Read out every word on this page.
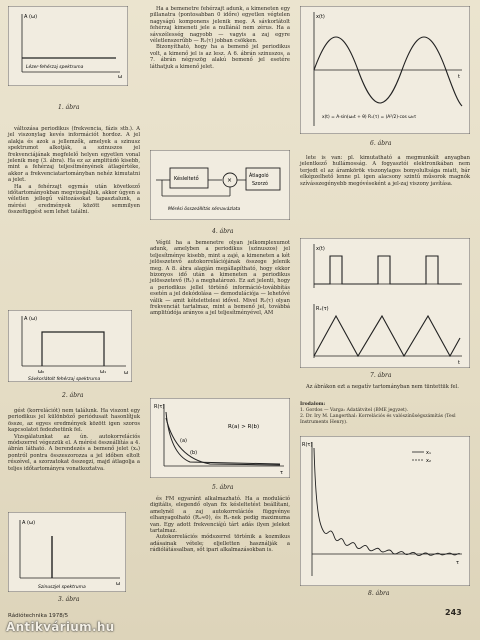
A (ω)
ω
Lézer-fehérzaj spektruma
1. ábra

változása periodikus (frekvencia, fázis stb.). A jel viszonylag kevés információt hordoz. A jel alakja és azok a jellemzők, amelyek a szinusz spektrumot alkotják, a szinuszos jel frekvenciájának megfelelő helyen egyetlen vonal jelenik meg (3. ábra). Ha ez az amplitúdó kisebb, mint a fehérzaj teljesítményének átlagértéke, akkor a frekvenciatartományban nehéz kimutatni a jelet.

Ha a fehérzajt egymás után következő időtartományokban megvizsgáljuk, akkor úgyen a véletlen jellegű változásokat tapasztalunk, a mérési eredmények között semmilyen összefüggést sem lehet találni.

A (ω)
ω
ω₀	ω₁
Sávkorlátolt fehérzaj spektruma
2. ábra

gést (korrelációt) nem találunk. Ha viszont egy periodikus jel különböző periódusait hasonlítjuk össze, az egyes eredmények között igen szoros kapcsolatot fedezhetünk fel.

Vizsgálatunkat az ún. autokorrelációs módszerrel végezzük el. A mérési összeállítás a 4. ábrán látható. A berendezés a bemenő jelet (xₐ) pontról pontra összeszorozza a jel időben eltolt részével, a szorzatokat összegzi, majd átlagolja a teljes időtartományra vonatkoztatva.

A (ω)
ω
Szinuszjel spektruma
3. ábra

Ha a bemenetre fehérzajt adunk, a kimeneten egy pillanatra (pontosabban 0 időre) egyetlen végtelen nagyságú komponens jelenik meg. A sávkorlátolt fehérzaj kimeneti jele a nullánál nem zérus. Ha a sávszélesség nagyobb — vagyis a zaj egyre véletlenszerűbb — Rₓ(τ) jobban csökken.

Bizonyítható, hogy ha a bemenő jel periodikus volt, a kimenő jel is az lesz. A 6. ábrán szinuszos, a 7. ábrán négyszög alakú bemenő jel esetére láthatjuk a kimenő jelet.

Késleltető	×
Átlagoló
Szorzó
Mérési összeállítás sémavázlata
4. ábra

Végül ha a bemenetre olyan jelkomplexumot adunk, amelyben a periodikus (szinuszos) jel teljesítménye kisebb, mint a zajé, a kimeneten a két jelösszetevő autokorrelációjának összege jelenik meg. A 8. ábra alapján megállapítható, hogy ekkor bizonyos idő után a kimeneten a periodikus jelösszetevő (Rₓ) a meghatározó. Ez azt jelenti, hogy a periodikus jellel történő információ-továbbítás esetén a jel dekódolása — demodulációja — lehetővé válik — amit kételettelesi idővel. Mivel Rₓ(τ) olyan frekvenciát tartalmaz, mint a bemenő jel, továbbá amplitúdója arányos a jel teljesítményével, AM

R(τ)
τ
(a)
(b)
R(a) > R(b)
5. ábra

és FM egyaránt alkalmazható. Ha a moduláció digitális, elegendő olyan fix késleltetést beállítani, amelynél a zaj autokorrelációs függvénye elhanyagolható (Rₐ≈0), és Rₓ-nek pedig maximuma van. Egy adott frekvenciájú tárt adás ilyen jeleket tartalmaz.

Autokorrelációs módszerrel történik a kozmikus adásainak vétele; eljelletten használják a rádiólátássalban, sőt ipari alkalmazásokban is.

x(t)
t
x(t) = A·sin(ω₀t + θ) Rₓ(τ) = (A²/2)·cos ω₀τ
6. ábra

lete is van: pl. kimutatható a megmunkált anyagban jelentkező hullámosság. A fogyasztói elektronikában nem terjedt el az áramkörök viszonylagos bonyolultsága miatt, bár elképzelhető lenne pl. igen alacsony szintű műsorok magnók szívásszegényebb megóvéseként a jel-zaj viszony javítása.

x(t)
Rₓ(τ)
t
7. ábra

Az ábrákon ezt a negatív tartományban nem tüntettük fel.

Irodalom:
1. Gordos — Varga: Adatátvitel (BME jegyzet).
2. Dr. Iry M. Langerthal: Korrelációs és valószínűségszámítás (Tesl Instruments Henry).
R(τ)
x₁
x₂
τ
8. ábra
Rádiótechnika 1978/5	243
Antikvárium.hu
